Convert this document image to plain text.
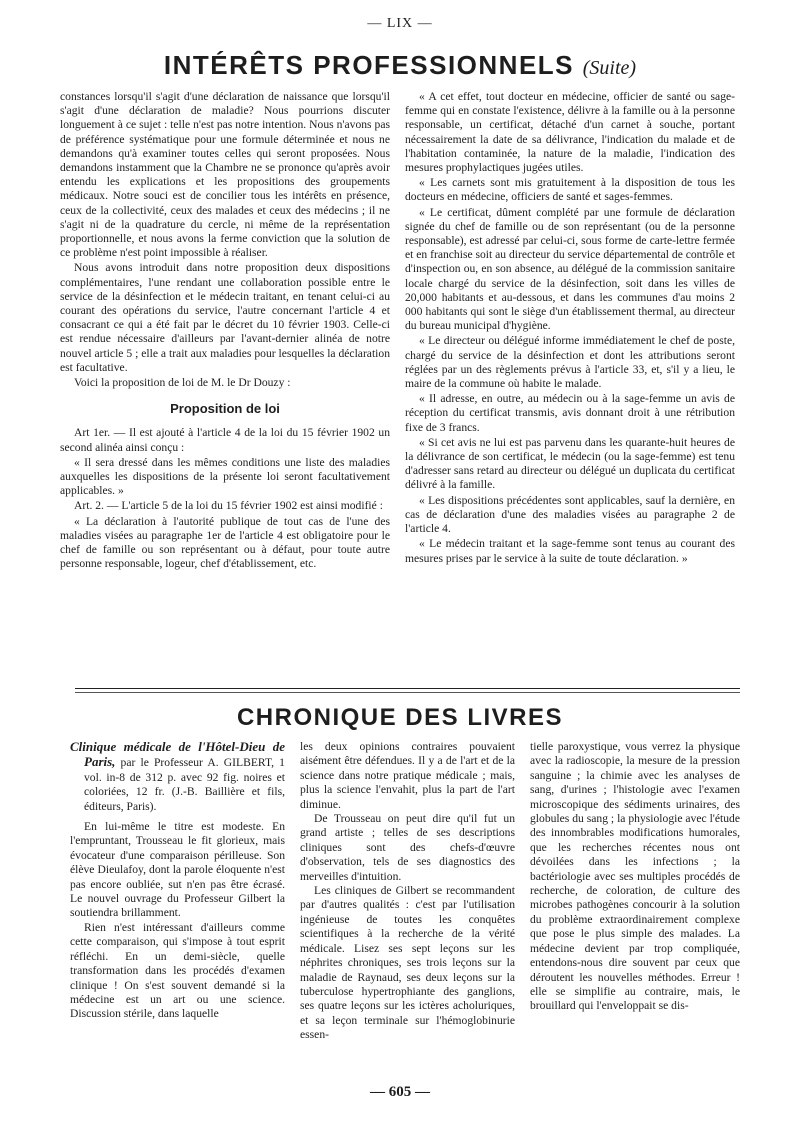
— LIX —
INTÉRÊTS PROFESSIONNELS (Suite)

constances lorsqu'il s'agit d'une déclaration de naissance que lorsqu'il s'agit d'une déclaration de maladie? Nous pourrions discuter longuement à ce sujet : telle n'est pas notre intention. Nous n'avons pas de préférence systématique pour une formule déterminée et nous ne demandons qu'à examiner toutes celles qui seront proposées. Nous demandons instamment que la Chambre ne se prononce qu'après avoir entendu les explications et les propositions des groupements médicaux. Notre souci est de concilier tous les intérêts en présence, ceux de la collectivité, ceux des malades et ceux des médecins ; il ne s'agit ni de la quadrature du cercle, ni même de la représentation proportionnelle, et nous avons la ferme conviction que la solution de ce problème n'est point impossible à réaliser.

Nous avons introduit dans notre proposition deux dispositions complémentaires, l'une rendant une collaboration possible entre le service de la désinfection et le médecin traitant, en tenant celui-ci au courant des opérations du service, l'autre concernant l'article 4 et consacrant ce qui a été fait par le décret du 10 février 1903. Celle-ci est rendue nécessaire d'ailleurs par l'avant-dernier alinéa de notre nouvel article 5 ; elle a trait aux maladies pour lesquelles la déclaration est facultative.

Voici la proposition de loi de M. le Dr Douzy :

Proposition de loi

Art 1er. — Il est ajouté à l'article 4 de la loi du 15 février 1902 un second alinéa ainsi conçu :

« Il sera dressé dans les mêmes conditions une liste des maladies auxquelles les dispositions de la présente loi seront facultativement applicables. »

Art. 2. — L'article 5 de la loi du 15 février 1902 est ainsi modifié :

« La déclaration à l'autorité publique de tout cas de l'une des maladies visées au paragraphe 1er de l'article 4 est obligatoire pour le chef de famille ou son représentant ou à défaut, pour toute autre personne responsable, logeur, chef d'établissement, etc.

« A cet effet, tout docteur en médecine, officier de santé ou sage-femme qui en constate l'existence, délivre à la famille ou à la personne responsable, un certificat, détaché d'un carnet à souche, portant nécessairement la date de sa délivrance, l'indication du malade et de l'habitation contaminée, la nature de la maladie, l'indication des mesures prophylactiques jugées utiles.

« Les carnets sont mis gratuitement à la disposition de tous les docteurs en médecine, officiers de santé et sages-femmes.

« Le certificat, dûment complété par une formule de déclaration signée du chef de famille ou de son représentant (ou de la personne responsable), est adressé par celui-ci, sous forme de carte-lettre fermée et en franchise soit au directeur du service départemental de contrôle et d'inspection ou, en son absence, au délégué de la commission sanitaire locale chargé du service de la désinfection, soit dans les villes de 20,000 habitants et au-dessous, et dans les communes d'au moins 2 000 habitants qui sont le siège d'un établissement thermal, au directeur du bureau municipal d'hygiène.

« Le directeur ou délégué informe immédiatement le chef de poste, chargé du service de la désinfection et dont les attributions seront réglées par un des règlements prévus à l'article 33, et, s'il y a lieu, le maire de la commune où habite le malade.

« Il adresse, en outre, au médecin ou à la sage-femme un avis de réception du certificat transmis, avis donnant droit à une rétribution fixe de 3 francs.

« Si cet avis ne lui est pas parvenu dans les quarante-huit heures de la délivrance de son certificat, le médecin (ou la sage-femme) est tenu d'adresser sans retard au directeur ou délégué un duplicata du certificat délivré à la famille.

« Les dispositions précédentes sont applicables, sauf la dernière, en cas de déclaration d'une des maladies visées au paragraphe 2 de l'article 4.

« Le médecin traitant et la sage-femme sont tenus au courant des mesures prises par le service à la suite de toute déclaration. »

CHRONIQUE DES LIVRES

Clinique médicale de l'Hôtel-Dieu de Paris, par le Professeur A. GILBERT, 1 vol. in-8 de 312 p. avec 92 fig. noires et coloriées, 12 fr. (J.-B. Baillière et fils, éditeurs, Paris).

En lui-même le titre est modeste. En l'empruntant, Trousseau le fit glorieux, mais évocateur d'une comparaison périlleuse. Son élève Dieulafoy, dont la parole éloquente n'est pas encore oubliée, sut n'en pas être écrasé. Le nouvel ouvrage du Professeur Gilbert la soutiendra brillamment.

Rien n'est intéressant d'ailleurs comme cette comparaison, qui s'impose à tout esprit réfléchi. En un demi-siècle, quelle transformation dans les procédés d'examen clinique ! On s'est souvent demandé si la médecine est un art ou une science. Discussion stérile, dans laquelle

les deux opinions contraires pouvaient aisément être défendues. Il y a de l'art et de la science dans notre pratique médicale ; mais, plus la science l'envahit, plus la part de l'art diminue.

De Trousseau on peut dire qu'il fut un grand artiste ; telles de ses descriptions cliniques sont des chefs-d'œuvre d'observation, tels de ses diagnostics des merveilles d'intuition.

Les cliniques de Gilbert se recommandent par d'autres qualités : c'est par l'utilisation ingénieuse de toutes les conquêtes scientifiques à la recherche de la vérité médicale. Lisez ses sept leçons sur les néphrites chroniques, ses trois leçons sur la maladie de Raynaud, ses deux leçons sur la tuberculose hypertrophiante des ganglions, ses quatre leçons sur les ictères acholuriques, et sa leçon terminale sur l'hémoglobinurie essen-

tielle paroxystique, vous verrez la physique avec la radioscopie, la mesure de la pression sanguine ; la chimie avec les analyses de sang, d'urines ; l'histologie avec l'examen microscopique des sédiments urinaires, des globules du sang ; la physiologie avec l'étude des innombrables modifications humorales, que les recherches récentes nous ont dévoilées dans les infections ; la bactériologie avec ses multiples procédés de recherche, de coloration, de culture des microbes pathogènes concourir à la solution du problème extraordinairement complexe que pose le plus simple des malades. La médecine devient par trop compliquée, entendons-nous dire souvent par ceux que déroutent les nouvelles méthodes. Erreur ! elle se simplifie au contraire, mais, le brouillard qui l'enveloppait se dis-

— 605 —
